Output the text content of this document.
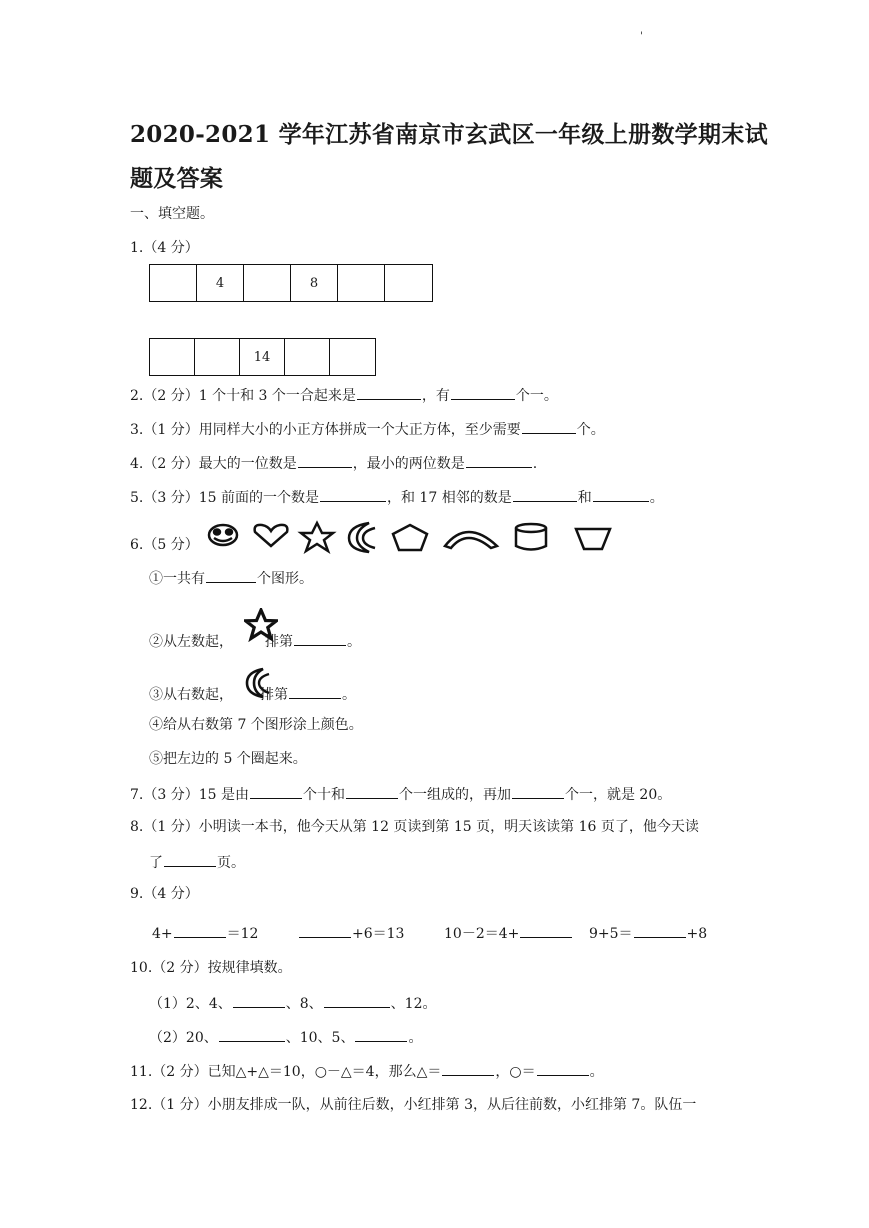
'
2020-2021 学年江苏省南京市玄武区一年级上册数学期末试
题及答案
一、填空题。
1.（4 分）
4	8
14
2.（2 分）1 个十和 3 个一合起来是	，有	个一。
3.（1 分）用同样大小的小正方体拼成一个大正方体，至少需要	个。
4.（2 分）最大的一位数是	，最小的两位数是	.
5.（3 分）15 前面的一个数是	，和 17 相邻的数是	和	。
6.（5 分）
①一共有	个图形。
②从左数起， 排第	。
③从右数起， 排第	。
④给从右数第 7 个图形涂上颜色。
⑤把左边的 5 个圈起来。
7.（3 分）15 是由	个十和	个一组成的，再加	个一，就是 20。
8.（1 分）小明读一本书，他今天从第 12 页读到第 15 页，明天该读第 16 页了，他今天读
了	页。
9.（4 分）
4+	＝12	+6＝13	10－2＝4+	9+5＝	+8
10.（2 分）按规律填数。
（1）2、4、	、8、	、12。
（2）20、	、10、5、	。
11.（2 分）已知△+△＝10，○－△＝4，那么△＝	，○＝	。
12.（1 分）小朋友排成一队，从前往后数，小红排第 3，从后往前数，小红排第 7。队伍一
